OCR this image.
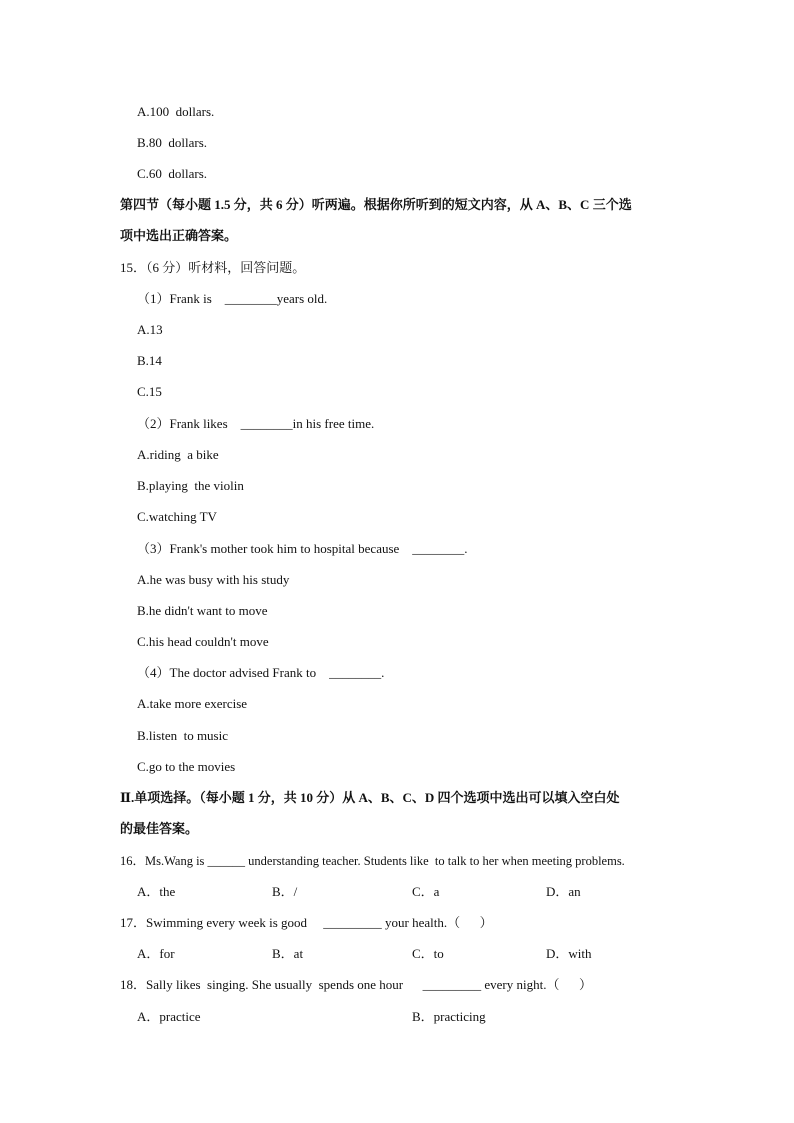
A.100  dollars.
B.80  dollars.
C.60  dollars.
第四节（每小题 1.5 分，共 6 分）听两遍。根据你所听到的短文内容，从 A、B、C 三个选
项中选出正确答案。
15．（6 分）听材料，回答问题。
（1）Frank is    ________years old.
A.13
B.14
C.15
（2）Frank likes    ________in his free time.
A.riding  a bike
B.playing  the violin
C.watching TV
（3）Frank's mother took him to hospital because    ________.
A.he was busy with his study
B.he didn't want to move
C.his head couldn't move
（4）The doctor advised Frank to    ________.
A.take more exercise
B.listen  to music
C.go to the movies
Ⅱ.单项选择。（每小题 1 分，共 10 分）从 A、B、C、D 四个选项中选出可以填入空白处
的最佳答案。
16．Ms.Wang is ______ understanding teacher. Students like  to talk to her when meeting problems.
A．the	B．/	C．a	D．an
17．Swimming every week is good     _________ your health.（      ）
A．for	B．at	C．to	D．with
18．Sally likes  singing. She usually  spends one hour      _________ every night.（      ）
A．practice	B．practicing
